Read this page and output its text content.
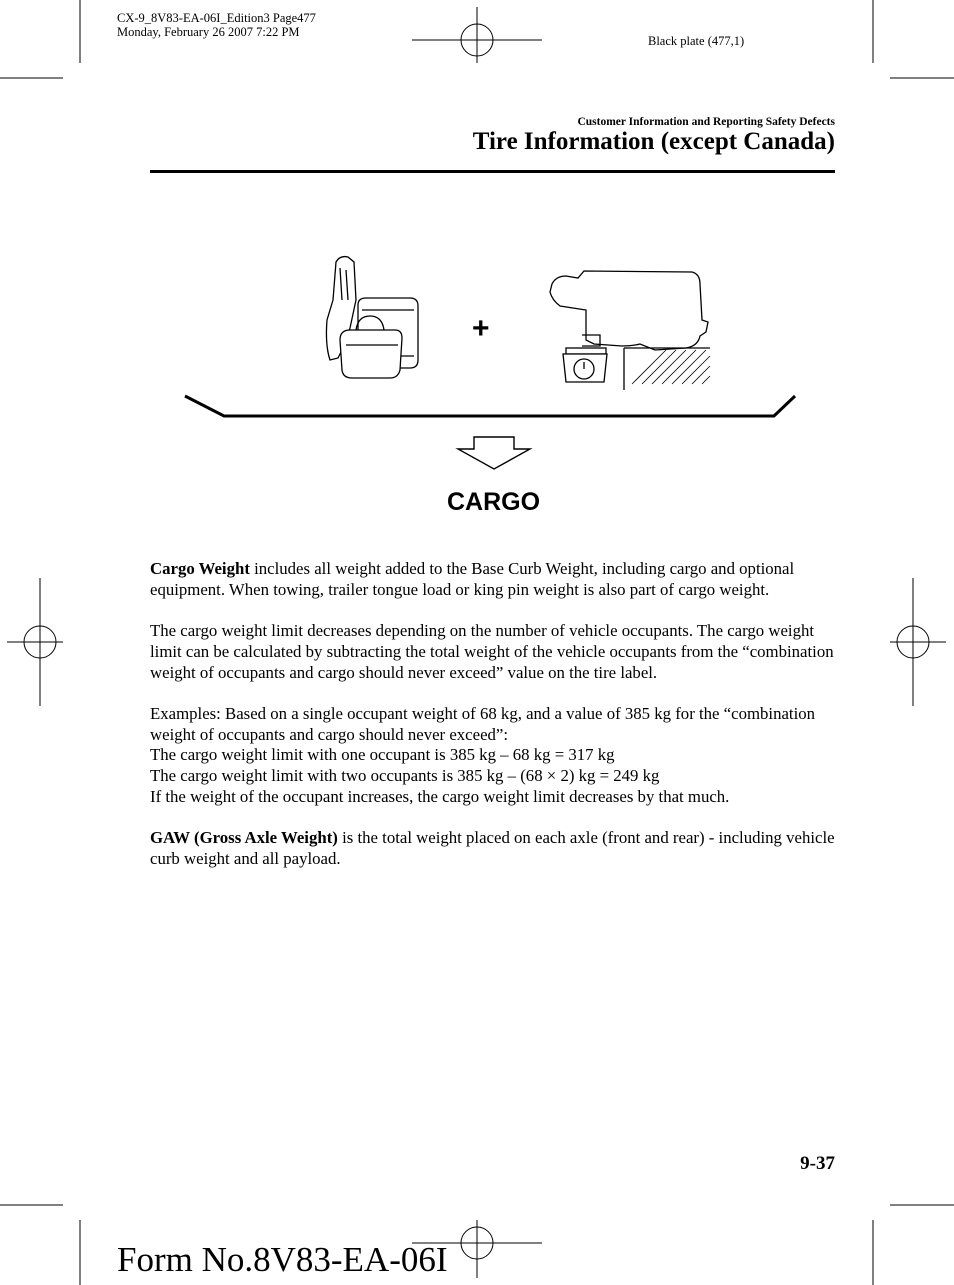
CX-9_8V83-EA-06I_Edition3 Page477
Monday, February 26 2007 7:22 PM
Black plate (477,1)
Customer Information and Reporting Safety Defects
Tire Information (except Canada)
+
CARGO

Cargo Weight includes all weight added to the Base Curb Weight, including cargo and optional equipment. When towing, trailer tongue load or king pin weight is also part of cargo weight.

The cargo weight limit decreases depending on the number of vehicle occupants. The cargo weight limit can be calculated by subtracting the total weight of the vehicle occupants from the “combination weight of occupants and cargo should never exceed” value on the tire label.

Examples: Based on a single occupant weight of 68 kg, and a value of 385 kg for the “combination weight of occupants and cargo should never exceed”:
The cargo weight limit with one occupant is 385 kg – 68 kg = 317 kg
The cargo weight limit with two occupants is 385 kg – (68 × 2) kg = 249 kg
If the weight of the occupant increases, the cargo weight limit decreases by that much.

GAW (Gross Axle Weight) is the total weight placed on each axle (front and rear) - including vehicle curb weight and all payload.

9-37
Form No.8V83-EA-06I
